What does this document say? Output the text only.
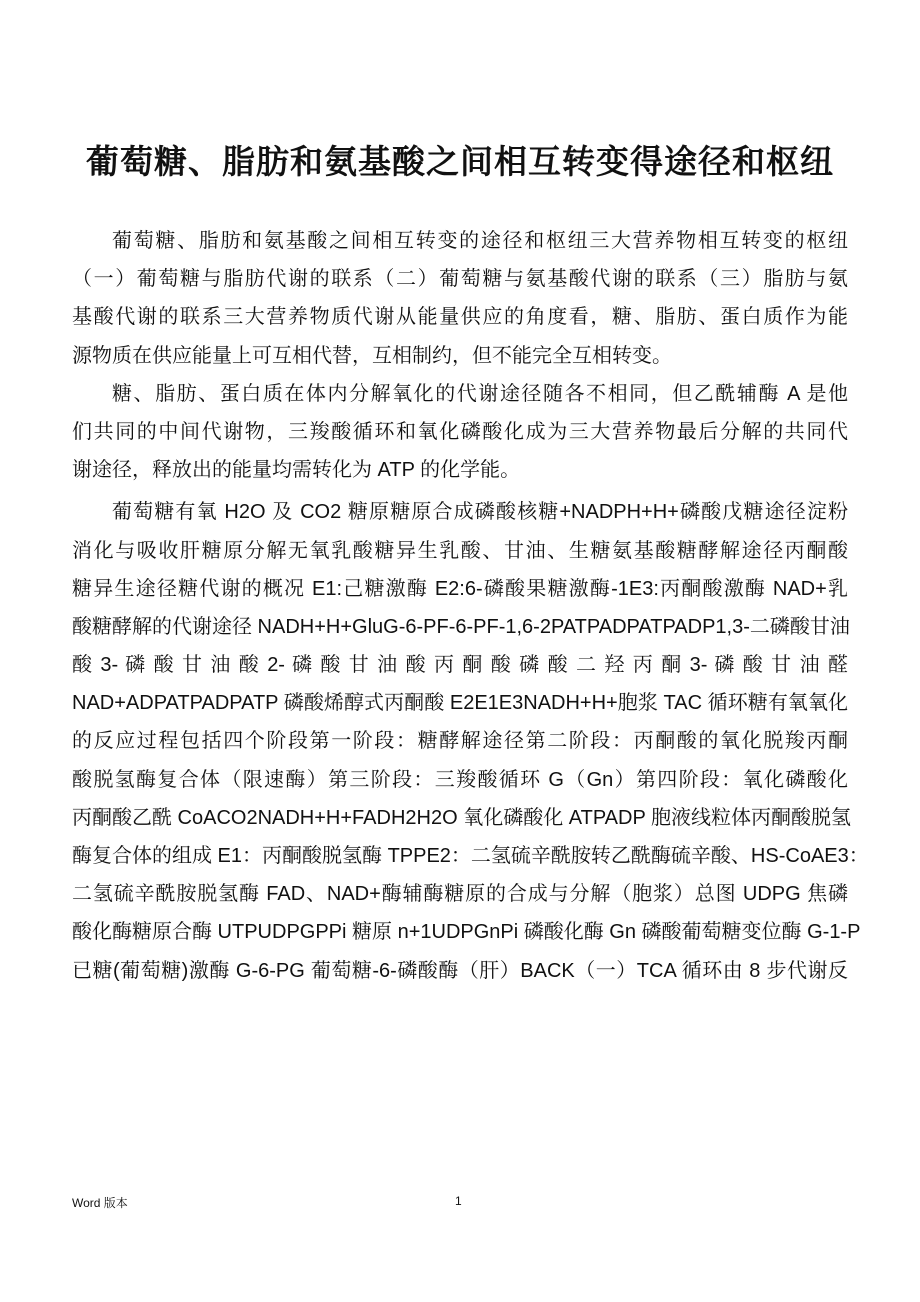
葡萄糖、脂肪和氨基酸之间相互转变得途径和枢纽
葡萄糖、脂肪和氨基酸之间相互转变的途径和枢纽三大营养物相互转变的枢纽
（一）葡萄糖与脂肪代谢的联系（二）葡萄糖与氨基酸代谢的联系（三）脂肪与氨
基酸代谢的联系三大营养物质代谢从能量供应的角度看，糖、脂肪、蛋白质作为能
源物质在供应能量上可互相代替，互相制约，但不能完全互相转变。
糖、脂肪、蛋白质在体内分解氧化的代谢途径随各不相同，但乙酰辅酶 A 是他
们共同的中间代谢物，三羧酸循环和氧化磷酸化成为三大营养物最后分解的共同代
谢途径，释放出的能量均需转化为 ATP 的化学能。
葡萄糖有氧 H2O 及 CO2 糖原糖原合成磷酸核糖+NADPH+H+磷酸戊糖途径淀粉
消化与吸收肝糖原分解无氧乳酸糖异生乳酸、甘油、生糖氨基酸糖酵解途径丙酮酸
糖异生途径糖代谢的概况 E1:己糖激酶 E2:6-磷酸果糖激酶-1E3:丙酮酸激酶 NAD+乳
酸糖酵解的代谢途径 NADH+H+GluG-6-PF-6-PF-1,6-2PATPADPATPADP1,3-二磷酸甘油
酸 3- 磷 酸 甘 油 酸 2- 磷 酸 甘 油 酸 丙 酮 酸 磷 酸 二 羟 丙 酮 3- 磷 酸 甘 油 醛
NAD+ADPATPADPATP 磷酸烯醇式丙酮酸 E2E1E3NADH+H+胞浆 TAC 循环糖有氧氧化
的反应过程包括四个阶段第一阶段：糖酵解途径第二阶段：丙酮酸的氧化脱羧丙酮
酸脱氢酶复合体（限速酶）第三阶段：三羧酸循环 G（Gn）第四阶段：氧化磷酸化
丙酮酸乙酰 CoACO2NADH+H+FADH2H2O 氧化磷酸化 ATPADP 胞液线粒体丙酮酸脱氢
酶复合体的组成 E1：丙酮酸脱氢酶 TPPE2：二氢硫辛酰胺转乙酰酶硫辛酸、HS-CoAE3：
二氢硫辛酰胺脱氢酶 FAD、NAD+酶辅酶糖原的合成与分解（胞浆）总图 UDPG 焦磷
酸化酶糖原合酶 UTPUDPGPPi 糖原 n+1UDPGnPi 磷酸化酶 Gn 磷酸葡萄糖变位酶 G-1-P
已糖(葡萄糖)激酶 G-6-PG 葡萄糖-6-磷酸酶（肝）BACK（一）TCA 循环由 8 步代谢反
Word 版本	1
